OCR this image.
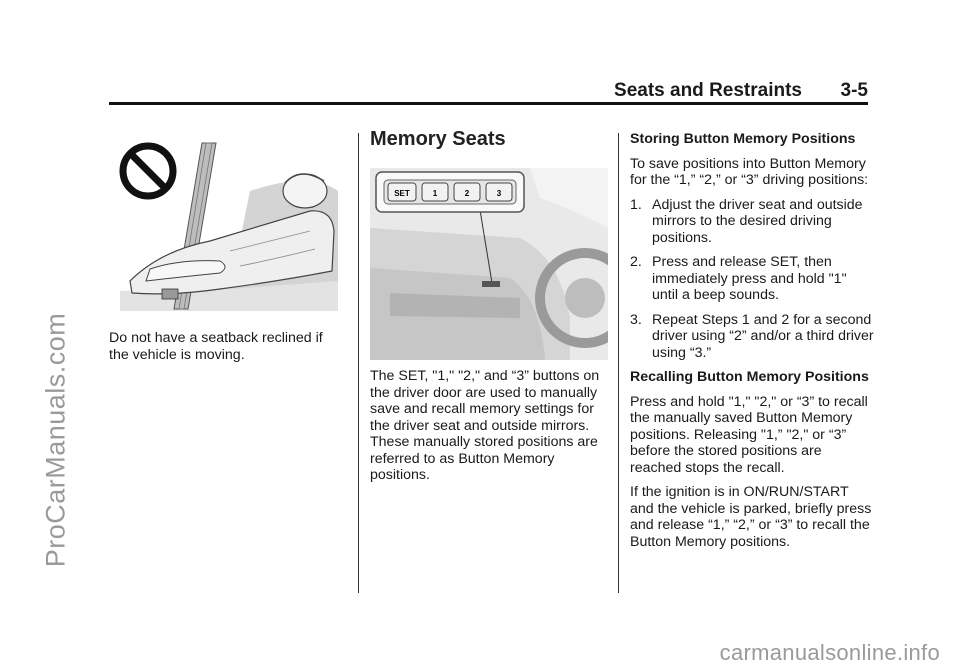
Seats and Restraints 3-5
ProCarManuals.com	Do not have a seatback reclined if the vehicle is moving.
Memory Seats
SET	1	2	3
The SET, "1," "2," and “3” buttons on the driver door are used to manually save and recall memory settings for the driver seat and outside mirrors. These manually stored positions are referred to as Button Memory positions.

Storing Button Memory Positions

To save positions into Button Memory for the “1,” “2,” or “3” driving positions:

1. Adjust the driver seat and outside mirrors to the desired driving positions.
2. Press and release SET, then immediately press and hold "1" until a beep sounds.
3. Repeat Steps 1 and 2 for a second driver using “2” and/or a third driver using “3.”

Recalling Button Memory Positions

Press and hold "1," "2," or “3” to recall the manually saved Button Memory positions. Releasing "1,” "2," or “3” before the stored positions are reached stops the recall.

If the ignition is in ON/RUN/START and the vehicle is parked, briefly press and release “1,” “2,” or “3” to recall the Button Memory positions.

carmanualsonline.info
